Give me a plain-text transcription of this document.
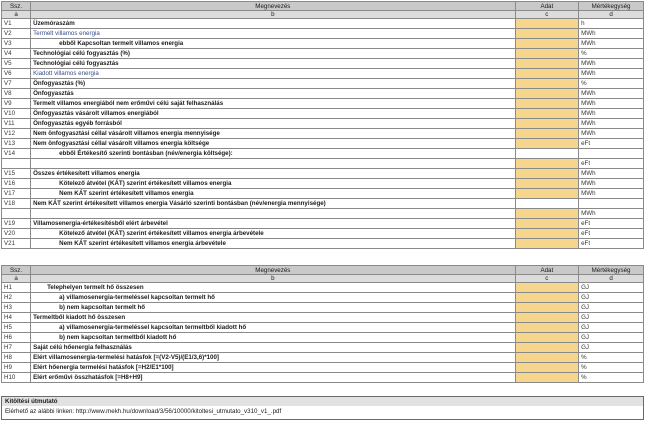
Ssz.	Megnevezés	Adat	Mértékegység
a	b	c	d
V1	Üzemóraszám		h
V2	Termelt villamos energia		MWh
V3	ebből Kapcsoltan termelt villamos energia		MWh
V4	Technológiai célú fogyasztás (%)		%
V5	Technológiai célú fogyasztás		MWh
V6	Kiadott villamos energia		MWh
V7	Önfogyasztás (%)		%
V8	Önfogyasztás		MWh
V9	Termelt villamos energiából nem erőművi célú saját felhasználás		MWh
V10	Önfogyasztás vásárolt villamos energiából		MWh
V11	Önfogyasztás egyéb forrásból		MWh
V12	Nem önfogyasztási céllal vásárolt villamos energia mennyisége		MWh
V13	Nem önfogyasztási céllal vásárolt villamos energia költsége		eFt
V14	ebből Értékesítő szerinti bontásban (név/energia költsége):		
			eFt
V15	Összes értékesített villamos energia		MWh
V16	Kötelező átvétel (KÁT) szerint értékesített villamos energia		MWh
V17	Nem KÁT szerint értékesített villamos energia		MWh
V18	Nem KÁT szerint értékesített villamos energia Vásárló szerinti bontásban (név/energia mennyisége)		
			MWh
V19	Villamosenergia-értékesítésből elért árbevétel		eFt
V20	Kötelező átvétel (KÁT) szerint értékesített villamos energia árbevétele		eFt
V21	Nem KÁT szerint értékesített villamos energia árbevétele		eFt
Ssz.	Megnevezés	Adat	Mértékegység
a	b	c	d
H1	Telephelyen termelt hő összesen		GJ
H2	a) villamosenergia-termeléssel kapcsoltan termelt hő		GJ
H3	b) nem kapcsoltan termelt hő		GJ
H4	Termeltből kiadott hő összesen		GJ
H5	a) villamosenergia-termeléssel kapcsoltan termeltből kiadott hő		GJ
H6	b) nem kapcsoltan termeltből kiadott hő		GJ
H7	Saját célú hőenergia felhasználás		GJ
H8	Elért villamosenergia-termelési hatásfok [=(V2-V5)/(E1/3,6)*100]		%
H9	Elért hőenergia termelési hatásfok [=H2/E1*100]		%
H10	Elért erőművi összhatásfok [=H8+H9]		%
Kitöltési útmutató
Elérhető az alábbi linken: http://www.mekh.hu/download/3/56/10000/kitoltesi_utmutato_v310_v1_.pdf
